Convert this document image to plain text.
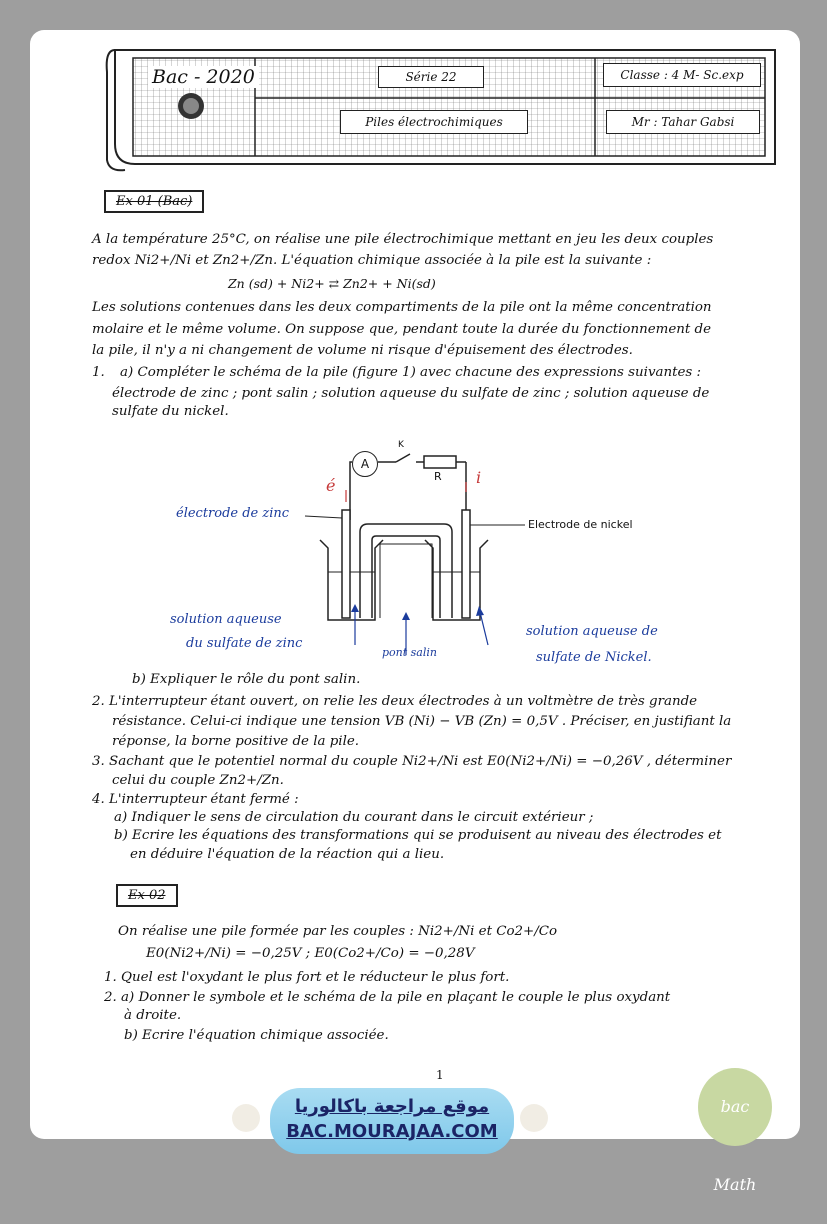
Bac - 2020	Série 22
Piles électrochimiques
Classe : 4 M- Sc.exp
Mr : Tahar Gabsi
Ex 01 (Bac)
A la température 25°C, on réalise une pile électrochimique mettant en jeu les deux couples
redox Ni2+/Ni et Zn2+/Zn. L'équation chimique associée à la pile est la suivante :
Zn (sd) + Ni2+ ⇄ Zn2+ + Ni(sd)
Les solutions contenues dans les deux compartiments de la pile ont la même concentration
molaire et le même volume. On suppose que, pendant toute la durée du fonctionnement de
la pile, il n'y a ni changement de volume ni risque d'épuisement des électrodes.
1. a) Compléter le schéma de la pile (figure 1) avec chacune des expressions suivantes :
électrode de zinc ; pont salin ; solution aqueuse du sulfate de zinc ; solution aqueuse de
sulfate du nickel.
A
K
R
Electrode de nickel
électrode de zinc
solution aqueuse
du sulfate de zinc
pont salin
solution aqueuse de
sulfate de Nickel.
é	i
b) Expliquer le rôle du pont salin.
2. L'interrupteur étant ouvert, on relie les deux électrodes à un voltmètre de très grande
résistance. Celui-ci indique une tension VB (Ni) − VB (Zn) = 0,5V . Préciser, en justifiant la
réponse, la borne positive de la pile.
3. Sachant que le potentiel normal du couple Ni2+/Ni est E0(Ni2+/Ni) = −0,26V , déterminer
celui du couple Zn2+/Zn.
4. L'interrupteur étant fermé :
a) Indiquer le sens de circulation du courant dans le circuit extérieur ;
b) Ecrire les équations des transformations qui se produisent au niveau des électrodes et
en déduire l'équation de la réaction qui a lieu.
Ex 02
On réalise une pile formée par les couples : Ni2+/Ni et Co2+/Co
E0(Ni2+/Ni) = −0,25V ; E0(Co2+/Co) = −0,28V
1. Quel est l'oxydant le plus fort et le réducteur le plus fort.
2. a) Donner le symbole et le schéma de la pile en plaçant le couple le plus oxydant
à droite.
b) Ecrire l'équation chimique associée.
1
موقع مراجعة باكالوريا
BAC.MOURAJAA.COM
bac Math
